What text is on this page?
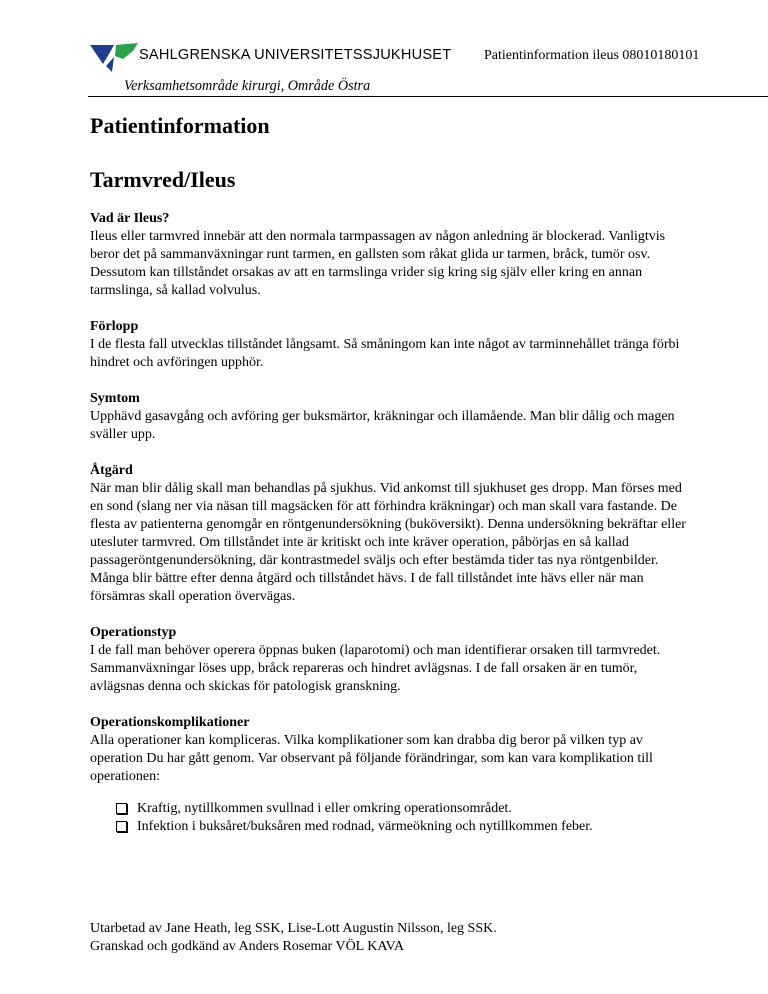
SAHLGRENSKA UNIVERSITETSSJUKHUSET Patientinformation ileus 08010180101
Verksamhetsområde kirurgi, Område Östra
Patientinformation
Tarmvred/Ileus
Vad är Ileus?

Ileus eller tarmvred innebär att den normala tarmpassagen av någon anledning är blockerad. Vanligtvis beror det på sammanväxningar runt tarmen, en gallsten som råkat glida ur tarmen, bråck, tumör osv. Dessutom kan tillståndet orsakas av att en tarmslinga vrider sig kring sig själv eller kring en annan tarmslinga, så kallad volvulus.

Förlopp

I de flesta fall utvecklas tillståndet långsamt. Så småningom kan inte något av tarminnehållet tränga förbi hindret och avföringen upphör.

Symtom

Upphävd gasavgång och avföring ger buksmärtor, kräkningar och illamående. Man blir dålig och magen sväller upp.

Åtgärd

När man blir dålig skall man behandlas på sjukhus. Vid ankomst till sjukhuset ges dropp. Man förses med en sond (slang ner via näsan till magsäcken för att förhindra kräkningar) och man skall vara fastande. De flesta av patienterna genomgår en röntgenundersökning (buköversikt). Denna undersökning bekräftar eller utesluter tarmvred. Om tillståndet inte är kritiskt och inte kräver operation, påbörjas en så kallad passageröntgenundersökning, där kontrastmedel sväljs och efter bestämda tider tas nya röntgenbilder. Många blir bättre efter denna åtgärd och tillståndet hävs. I de fall tillståndet inte hävs eller när man försämras skall operation övervägas.

Operationstyp

I de fall man behöver operera öppnas buken (laparotomi) och man identifierar orsaken till tarmvredet. Sammanväxningar löses upp, bråck repareras och hindret avlägsnas. I de fall orsaken är en tumör, avlägsnas denna och skickas för patologisk granskning.

Operationskomplikationer

Alla operationer kan kompliceras. Vilka komplikationer som kan drabba dig beror på vilken typ av operation Du har gått genom. Var observant på följande förändringar, som kan vara komplikation till operationen:

Kraftig, nytillkommen svullnad i eller omkring operationsområdet.
Infektion i buksåret/buksåren med rodnad, värmeökning och nytillkommen feber.
Utarbetad av Jane Heath, leg SSK, Lise-Lott Augustin Nilsson, leg SSK.
Granskad och godkänd av Anders Rosemar VÖL KAVA
